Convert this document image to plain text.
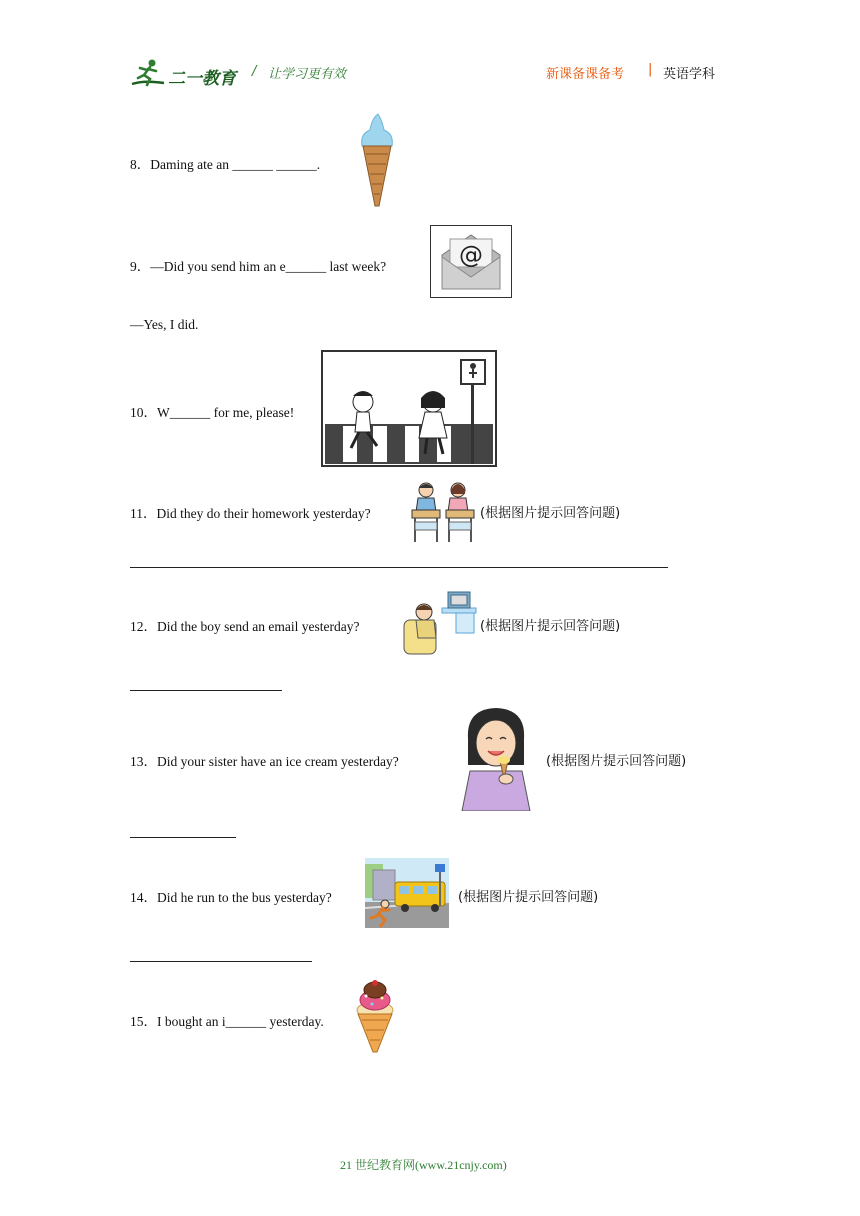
二一教育 / 让学习更有效	新课备课备考 | 英语学科
8．Daming ate an ______ ______.
9．—Did you send him an e______ last week?	@
—Yes, I did.
10．W______ for me, please!
11．Did they do their homework yesterday?	(根据图片提示回答问题)
12．Did the boy send an email yesterday?	(根据图片提示回答问题)
13．Did your sister have an ice cream yesterday?	(根据图片提示回答问题)
14．Did he run to the bus yesterday?	(根据图片提示回答问题)
15．I bought an i______ yesterday.
21 世纪教育网(www.21cnjy.com)
